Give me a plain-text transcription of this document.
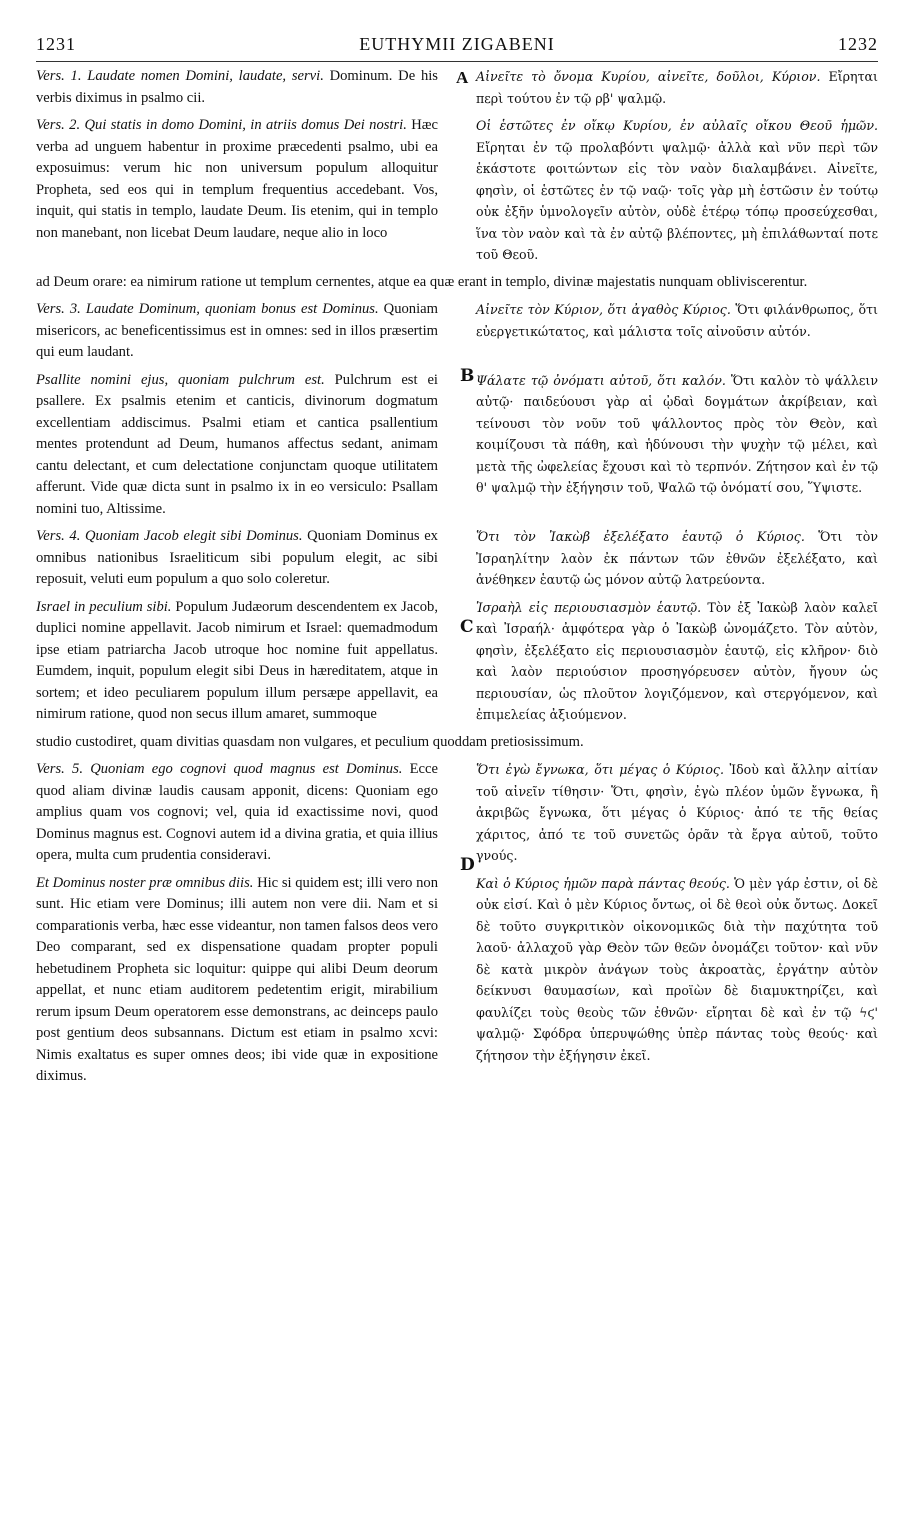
1231	EUTHYMII ZIGABENI	1232
Vers. 1. Laudate nomen Domini, laudate, servi. Dominum. De his verbis diximus in psalmo cii.
Αἰνεῖτε τὸ ὄνομα Κυρίου, αἰνεῖτε, δοῦλοι, Κύριον. Εἴρηται περὶ τούτου ἐν τῷ ρβ' ψαλμῷ.
Vers. 2. Qui statis in domo Domini, in atriis domus Dei nostri. Hæc verba ad unguem habentur in proxime præcedenti psalmo, ubi ea exposuimus: verum hic non universum populum alloquitur Propheta, sed eos qui in templum frequentius accedebant. Vos, inquit, qui statis in templo, laudate Deum. Iis etenim, qui in templo non manebant, non licebat Deum laudare, neque alio in loco
Οἱ ἑστῶτες ἐν οἴκῳ Κυρίου, ἐν αὐλαῖς οἴκου Θεοῦ ἡμῶν. Εἴρηται ἐν τῷ προλαβόντι ψαλμῷ· ἀλλὰ καὶ νῦν περὶ τῶν ἑκάστοτε φοιτώντων εἰς τὸν ναὸν διαλαμβάνει. Αἰνεῖτε, φησὶν, οἱ ἑστῶτες ἐν τῷ ναῷ· τοῖς γὰρ μὴ ἑστῶσιν ἐν τούτῳ οὐκ ἐξῆν ὑμνολογεῖν αὐτὸν, οὐδὲ ἑτέρῳ τόπῳ προσεύχεσθαι, ἵνα τὸν ναὸν καὶ τὰ ἐν αὐτῷ βλέποντες, μὴ ἐπιλάθωνταί ποτε τοῦ Θεοῦ.
ad Deum orare: ea nimirum ratione ut templum cernentes, atque ea quæ erant in templo, divinæ majestatis nunquam obliviscerentur.
Vers. 3. Laudate Dominum, quoniam bonus est Dominus. Quoniam misericors, ac beneficentissimus est in omnes: sed in illos præsertim qui eum laudant.
Αἰνεῖτε τὸν Κύριον, ὅτι ἀγαθὸς Κύριος. Ὅτι φιλάνθρωπος, ὅτι εὐεργετικώτατος, καὶ μάλιστα τοῖς αἰνοῦσιν αὐτόν.
Psallite nomini ejus, quoniam pulchrum est. Pulchrum est ei psallere. Ex psalmis etenim et canticis, divinorum dogmatum excellentiam addiscimus. Psalmi etiam et cantica psallentium mentes protendunt ad Deum, humanos affectus sedant, animam cantu delectant, et cum delectatione conjunctam quoque utilitatem afferunt. Vide quæ dicta sunt in psalmo ix in eo versiculo: Psallam nomini tuo, Altissime.
B Ψάλατε τῷ ὀνόματι αὐτοῦ, ὅτι καλόν. Ὅτι καλὸν τὸ ψάλλειν αὐτῷ· παιδεύουσι γὰρ αἱ ᾠδαὶ δογμάτων ἀκρίβειαν, καὶ τείνουσι τὸν νοῦν τοῦ ψάλλοντος πρὸς τὸν Θεὸν, καὶ κοιμίζουσι τὰ πάθη, καὶ ἡδύνουσι τὴν ψυχὴν τῷ μέλει, καὶ μετὰ τῆς ὠφελείας ἔχουσι καὶ τὸ τερπνόν. Ζήτησον καὶ ἐν τῷ θ' ψαλμῷ τὴν ἐξήγησιν τοῦ, Ψαλῶ τῷ ὀνόματί σου, Ὕψιστε.
Vers. 4. Quoniam Jacob elegit sibi Dominus. Quoniam Dominus ex omnibus nationibus Israeliticum sibi populum elegit, ac sibi reposuit, veluti eum populum a quo solo coleretur.
Ὅτι τὸν Ἰακὼβ ἐξελέξατο ἑαυτῷ ὁ Κύριος. Ὅτι τὸν Ἰσραηλίτην λαὸν ἐκ πάντων τῶν ἐθνῶν ἐξελέξατο, καὶ ἀνέθηκεν ἑαυτῷ ὡς μόνον αὐτῷ λατρεύοντα.
Israel in peculium sibi. Populum Judæorum descendentem ex Jacob, duplici nomine appellavit. Jacob nimirum et Israel: quemadmodum ipse etiam patriarcha Jacob utroque hoc nomine fuit appellatus. Eumdem, inquit, populum elegit sibi Deus in hæreditatem, atque in sortem; et ideo peculiarem populum illum persæpe appellavit, ea nimirum ratione, quod non secus illum amaret, summoque
C
Ἰσραὴλ εἰς περιουσιασμὸν ἑαυτῷ. Τὸν ἐξ Ἰακὼβ λαὸν καλεῖ καὶ Ἰσραήλ· ἀμφότερα γὰρ ὁ Ἰακὼβ ὠνομάζετο. Τὸν αὐτὸν, φησὶν, ἐξελέξατο εἰς περιουσιασμὸν ἑαυτῷ, εἰς κλῆρον· διὸ καὶ λαὸν περιούσιον προσηγόρευσεν αὐτὸν, ἤγουν ὡς περιουσίαν, ὡς πλοῦτον λογιζόμενον, καὶ στεργόμενον, καὶ ἐπιμελείας ἀξιούμενον.
studio custodiret, quam divitias quasdam non vulgares, et peculium quoddam pretiosissimum.
Vers. 5. Quoniam ego cognovi quod magnus est Dominus. Ecce quod aliam divinæ laudis causam apponit, dicens: Quoniam ego amplius quam vos cognovi; vel, quia id exactissime novi, quod Dominus magnus est. Cognovi autem id a divina gratia, et quia illius opera, multa cum prudentia consideravi.
Ὅτι ἐγὼ ἔγνωκα, ὅτι μέγας ὁ Κύριος. Ἰδοὺ καὶ ἄλλην αἰτίαν τοῦ αἰνεῖν τίθησιν· Ὅτι, φησὶν, ἐγὼ πλέον ὑμῶν ἔγνωκα, ἢ ἀκριβῶς ἔγνωκα, ὅτι μέγας ὁ Κύριος· ἀπό τε τῆς θείας χάριτος, ἀπό τε τοῦ συνετῶς ὁρᾶν τὰ ἔργα αὐτοῦ, τοῦτο γνούς.
Et Dominus noster præ omnibus diis. Hic si quidem est; illi vero non sunt. Hic etiam vere Dominus; illi autem non vere dii. Nam et si comparationis verba, hæc esse videantur, non tamen falsos deos vero Deo comparant, sed ex dispensatione quadam propter populi hebetudinem Propheta sic loquitur: quippe qui alibi Deum deorum appellat, et nunc etiam auditorem pedetentim erigit, mirabilium rerum ipsum Deum operatorem esse demonstrans, ac deinceps paulo post gentium deos subsannans. Dictum est etiam in psalmo xcvi: Nimis exaltatus es super omnes deos; ibi vide quæ in expositione diximus.
D
Καὶ ὁ Κύριος ἡμῶν παρὰ πάντας θεούς. Ὁ μὲν γάρ ἐστιν, οἱ δὲ οὐκ εἰσί. Καὶ ὁ μὲν Κύριος ὄντως, οἱ δὲ θεοὶ οὐκ ὄντως. Δοκεῖ δὲ τοῦτο συγκριτικὸν οἰκονομικῶς διὰ τὴν παχύτητα τοῦ λαοῦ· ἀλλαχοῦ γὰρ Θεὸν τῶν θεῶν ὀνομάζει τοῦτον· καὶ νῦν δὲ κατὰ μικρὸν ἀνάγων τοὺς ἀκροατὰς, ἐργάτην αὐτὸν δείκνυσι θαυμασίων, καὶ προϊὼν δὲ διαμυκτηρίζει, καὶ φαυλίζει τοὺς θεοὺς τῶν ἐθνῶν· εἴρηται δὲ καὶ ἐν τῷ ϟϛ' ψαλμῷ· Σφόδρα ὑπερυψώθης ὑπὲρ πάντας τοὺς θεούς· καὶ ζήτησον τὴν ἐξήγησιν ἐκεῖ.
A
